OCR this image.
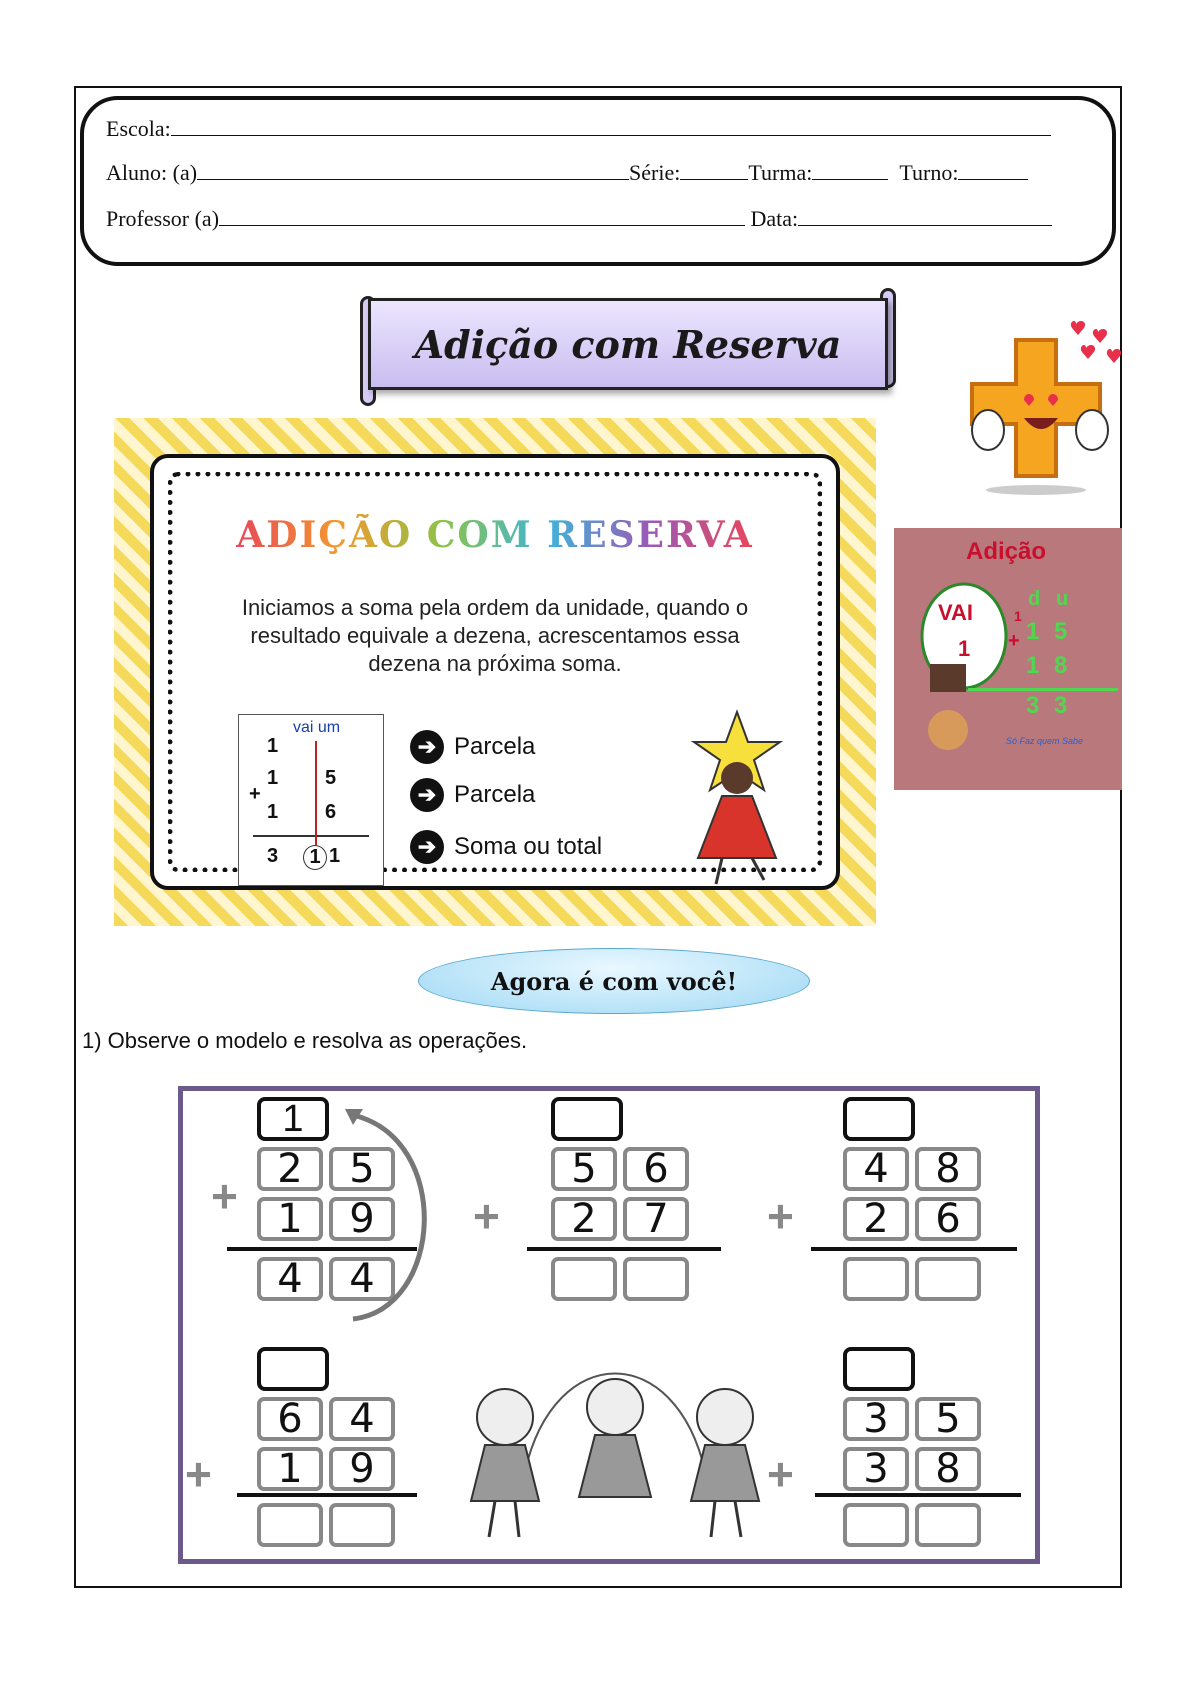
Escola:
Aluno: (a)	Série:	Turma:	Turno:
Professor (a)	Data:
Adição com Reserva
ADIÇÃO COM RESERVA
Iniciamos a soma pela ordem da unidade, quando o resultado equivale a dezena, acrescentamos essa dezena na próxima soma.
vai um
1
1 5
+
1 6
3	1 1
➔ Parcela
➔ Parcela
➔ Soma ou total
Adição
VAI
1
d u
1
1 5
+
1 8
3 3
Só Faz quem Sabe
Agora é com você!
1) Observe o modelo e resolva as operações.
1
2	5
1	9
+
4	4
+
5	6
2	7	+
4	8
2	6
6	4
1	9
+	+
3	5
3	8
